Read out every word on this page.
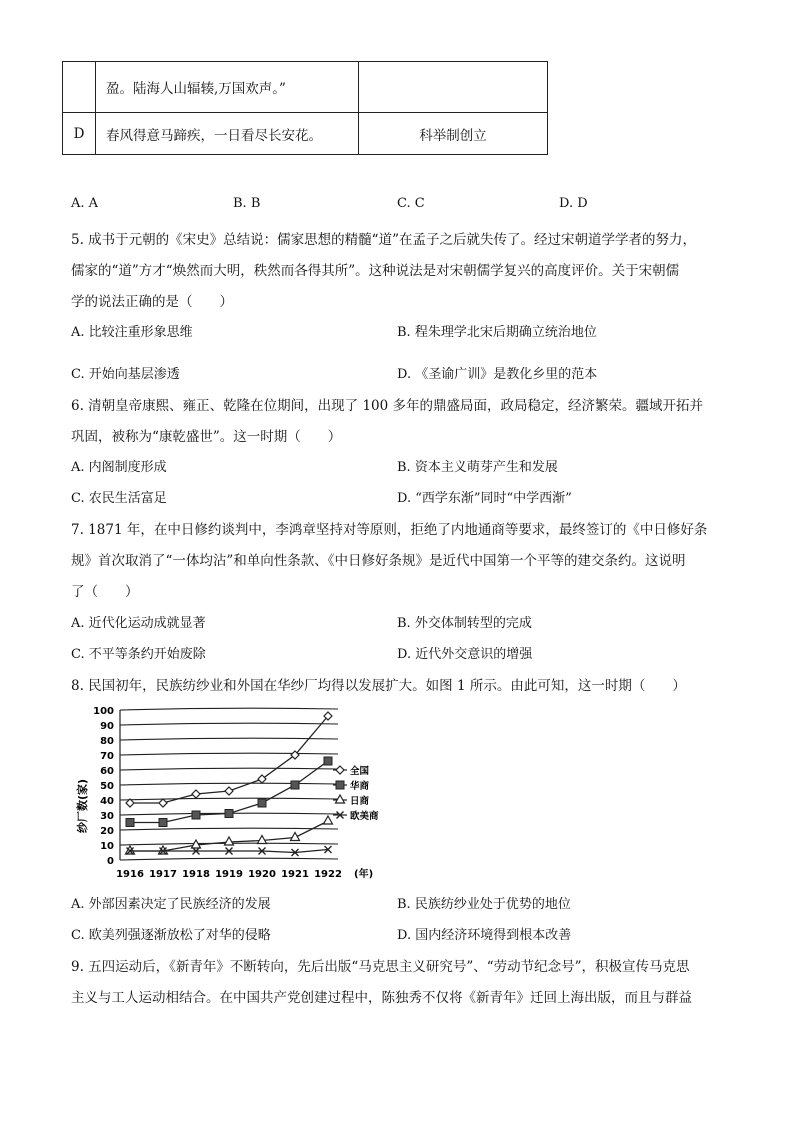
	盈。陆海人山辐辏,万国欢声。”	
D	春风得意马蹄疾，一日看尽长安花。	科举制创立
A. A	B. B	C. C	D. D
5. 成书于元朝的《宋史》总结说：儒家思想的精髓“道”在孟子之后就失传了。经过宋朝道学学者的努力，
儒家的“道”方才“焕然而大明，秩然而各得其所”。这种说法是对宋朝儒学复兴的高度评价。关于宋朝儒
学的说法正确的是（　　）
A. 比较注重形象思维	B. 程朱理学北宋后期确立统治地位
C. 开始向基层渗透	D. 《圣谕广训》是教化乡里的范本
6. 清朝皇帝康熙、雍正、乾隆在位期间，出现了 100 多年的鼎盛局面，政局稳定，经济繁荣。疆域开拓并
巩固，被称为“康乾盛世”。这一时期（　　）
A. 内阁制度形成	B. 资本主义萌芽产生和发展
C. 农民生活富足	D. “西学东渐”同时“中学西渐”
7. 1871 年，在中日修约谈判中，李鸿章坚持对等原则，拒绝了内地通商等要求，最终签订的《中日修好条
规》首次取消了“一体均沾”和单向性条款、《中日修好条规》是近代中国第一个平等的建交条约。这说明
了（　　）
A. 近代化运动成就显著	B. 外交体制转型的完成
C. 不平等条约开始废除	D. 近代外交意识的增强
8. 民国初年，民族纺纱业和外国在华纱厂均得以发展扩大。如图 1 所示。由此可知，这一时期（　　）
0
10
20
30
40
50
60
70
80
90
100
1916 1917 1918 1919 1920 1921 1922
全国
华商
日商
欧美商
纱厂数(家)
(年)
A. 外部因素决定了民族经济的发展	B. 民族纺纱业处于优势的地位
C. 欧美列强逐渐放松了对华的侵略	D. 国内经济环境得到根本改善
9. 五四运动后，《新青年》不断转向，先后出版“马克思主义研究号”、“劳动节纪念号”，积极宣传马克思
主义与工人运动相结合。在中国共产党创建过程中，陈独秀不仅将《新青年》迁回上海出版，而且与群益
